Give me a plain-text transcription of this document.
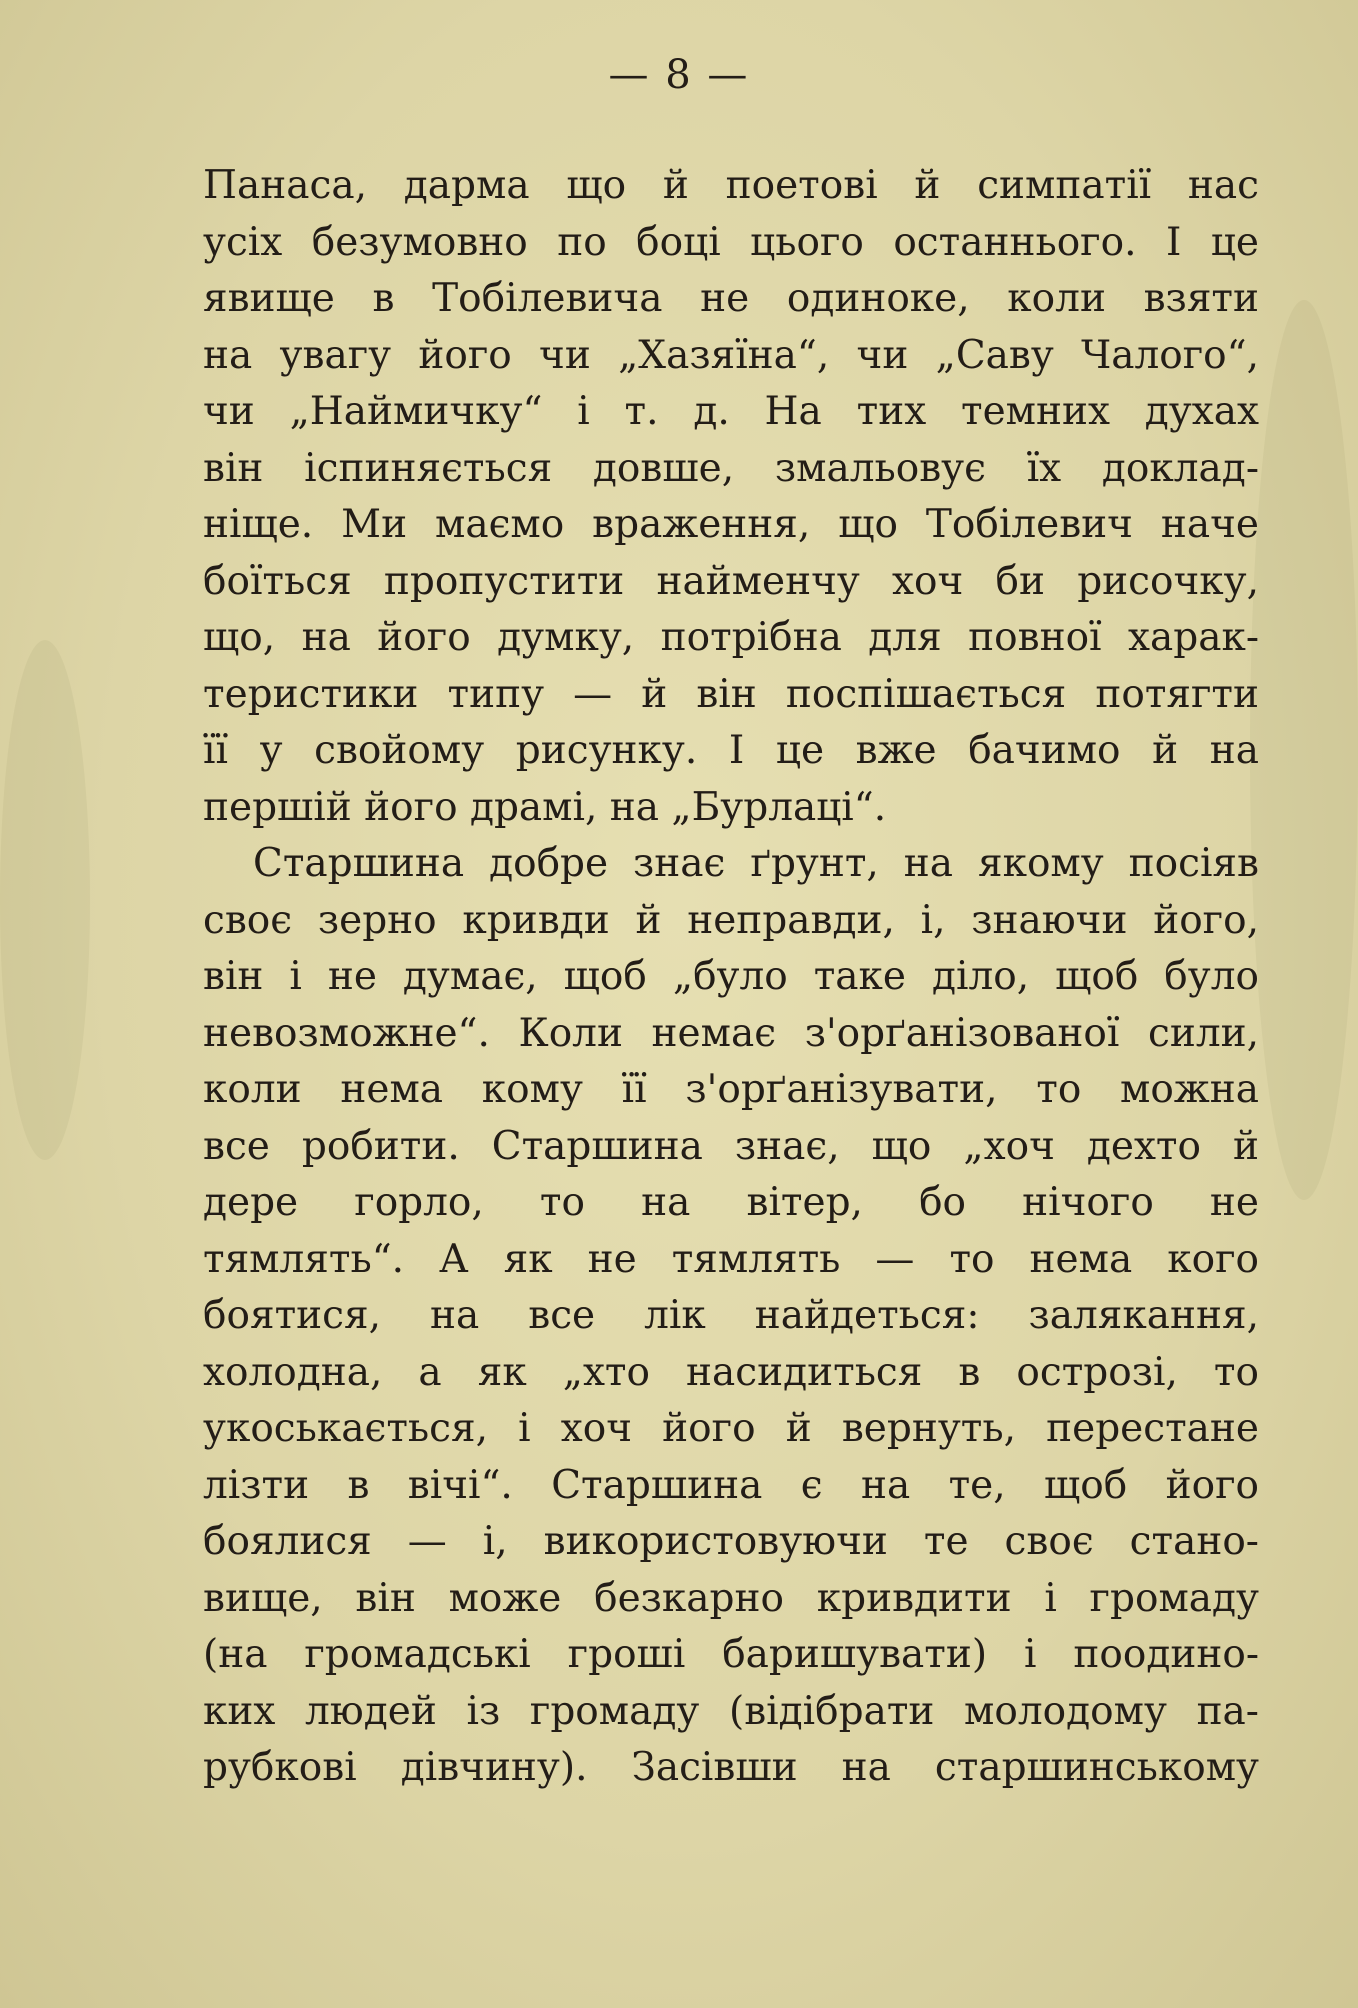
— 8 —
Панаса, дарма що й поетові й симпатії нас
усіх безумовно по боці цього останнього. І це
явище в Тобілевича не одиноке, коли взяти
на увагу його чи „Хазяїна“, чи „Саву Чалого“,
чи „Наймичку“ і т. д. На тих темних духах
він іспиняється довше, змальовує їх доклад-
ніще. Ми маємо враження, що Тобілевич наче
боїться пропустити найменчу хоч би рисочку,
що, на його думку, потрібна для повної харак-
теристики типу — й він поспішається потягти
її у свойому рисунку. І це вже бачимо й на
першій його драмі, на „Бурлаці“.
Старшина добре знає ґрунт, на якому посіяв
своє зерно кривди й неправди, і, знаючи його,
він і не думає, щоб „було таке діло, щоб було
невозможне“. Коли немає з'орґанізованої сили,
коли нема кому її з'орґанізувати, то можна
все робити. Старшина знає, що „хоч дехто й
дере горло, то на вітер, бо нічого не
тямлять“. А як не тямлять — то нема кого
боятися, на все лік найдеться: залякання,
холодна, а як „хто насидиться в острозі, то
укоськається, і хоч його й вернуть, перестане
лізти в вічі“. Старшина є на те, щоб його
боялися — і, використовуючи те своє стано-
вище, він може безкарно кривдити і громаду
(на громадські гроші баришувати) і поодино-
ких людей із громаду (відібрати молодому па-
рубкові дівчину). Засівши на старшинському
